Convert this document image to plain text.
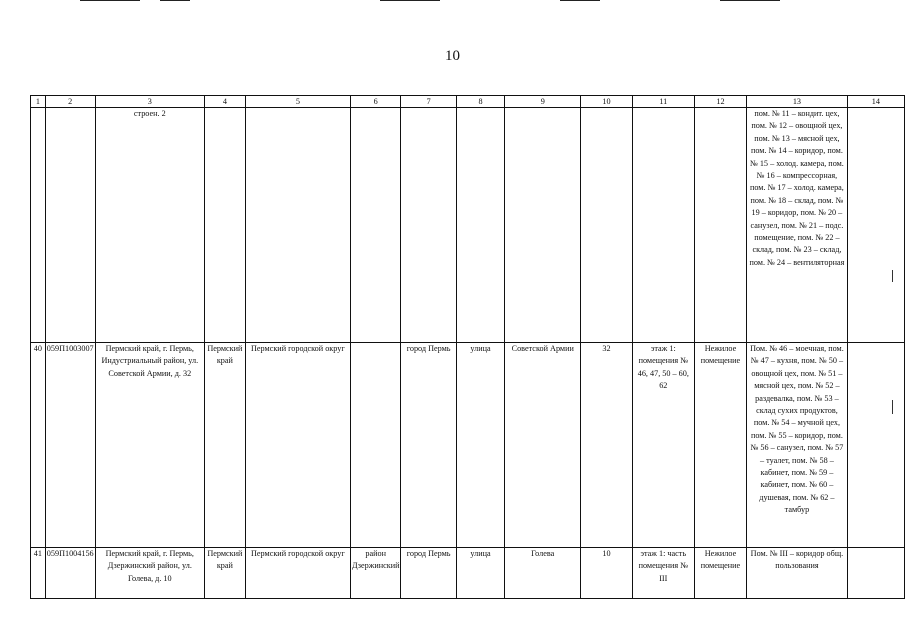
10
1	2	3	4	5	6	7	8	9	10	11	12	13	14
		строен. 2										пом. № 11 – кондит. цех, пом. № 12 – овощной цех, пом. № 13 – мясной цех, пом. № 14 – коридор, пом. № 15 – холод. камера, пом. № 16 – компрессорная, пом. № 17 – холод. камера, пом. № 18 – склад, пом. № 19 – коридор, пом. № 20 – санузел, пом. № 21 – подс. помещение, пом. № 22 – склад, пом. № 23 – склад, пом. № 24 – вентиляторная	
40	059П1003007	Пермский край, г. Пермь, Индустриальный район, ул. Советской Армии, д. 32	Пермский край	Пермский городской округ		город Пермь	улица	Советской Армии	32	этаж 1: помещения № 46, 47, 50 – 60, 62	Нежилое помещение	Пом. № 46 – моечная, пом. № 47 – кухня, пом. № 50 – овощной цех, пом. № 51 – мясной цех, пом. № 52 – раздевалка, пом. № 53 – склад сухих продуктов, пом. № 54 – мучной цех, пом. № 55 – коридор, пом. № 56 – санузел, пом. № 57 – туалет, пом. № 58 – кабинет, пом. № 59 – кабинет, пом. № 60 – душевая, пом. № 62 – тамбур	
41	059П1004156	Пермский край, г. Пермь, Дзержинский район, ул. Голева, д. 10	Пермский край	Пермский городской округ	район Дзержинский	город Пермь	улица	Голева	10	этаж 1: часть помещения № III	Нежилое помещение	Пом. № III – коридор общ. пользования	
